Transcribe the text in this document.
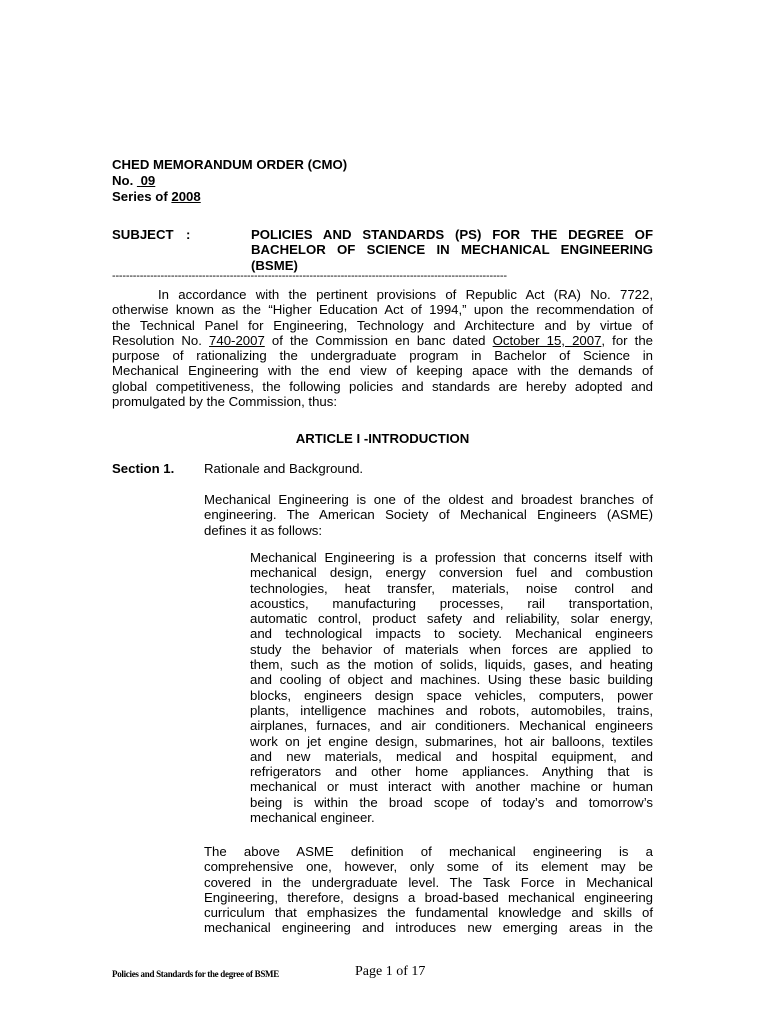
CHED MEMORANDUM ORDER (CMO)
No. 09
Series of 2008
SUBJECT :	POLICIES AND STANDARDS (PS) FOR THE DEGREE OF
BACHELOR OF SCIENCE IN MECHANICAL ENGINEERING
(BSME)
------------------------------------------------------------------------------------------------------------------
In accordance with the pertinent provisions of Republic Act (RA) No. 7722,
otherwise known as the “Higher Education Act of 1994,” upon the recommendation of
the Technical Panel for Engineering, Technology and Architecture and by virtue of
Resolution No. 740-2007 of the Commission en banc dated October 15, 2007, for the
purpose of rationalizing the undergraduate program in Bachelor of Science in
Mechanical Engineering with the end view of keeping apace with the demands of
global competitiveness, the following policies and standards are hereby adopted and
promulgated by the Commission, thus:
ARTICLE I -INTRODUCTION
Section 1. Rationale and Background.
Mechanical Engineering is one of the oldest and broadest branches of
engineering. The American Society of Mechanical Engineers (ASME)
defines it as follows:
Mechanical Engineering is a profession that concerns itself with
mechanical design, energy conversion fuel and combustion
technologies, heat transfer, materials, noise control and
acoustics, manufacturing processes, rail transportation,
automatic control, product safety and reliability, solar energy,
and technological impacts to society. Mechanical engineers
study the behavior of materials when forces are applied to
them, such as the motion of solids, liquids, gases, and heating
and cooling of object and machines. Using these basic building
blocks, engineers design space vehicles, computers, power
plants, intelligence machines and robots, automobiles, trains,
airplanes, furnaces, and air conditioners. Mechanical engineers
work on jet engine design, submarines, hot air balloons, textiles
and new materials, medical and hospital equipment, and
refrigerators and other home appliances. Anything that is
mechanical or must interact with another machine or human
being is within the broad scope of today’s and tomorrow’s
mechanical engineer.
The above ASME definition of mechanical engineering is a
comprehensive one, however, only some of its element may be
covered in the undergraduate level. The Task Force in Mechanical
Engineering, therefore, designs a broad-based mechanical engineering
curriculum that emphasizes the fundamental knowledge and skills of
mechanical engineering and introduces new emerging areas in the
Policies and Standards for the degree of BSME	Page 1 of 17
